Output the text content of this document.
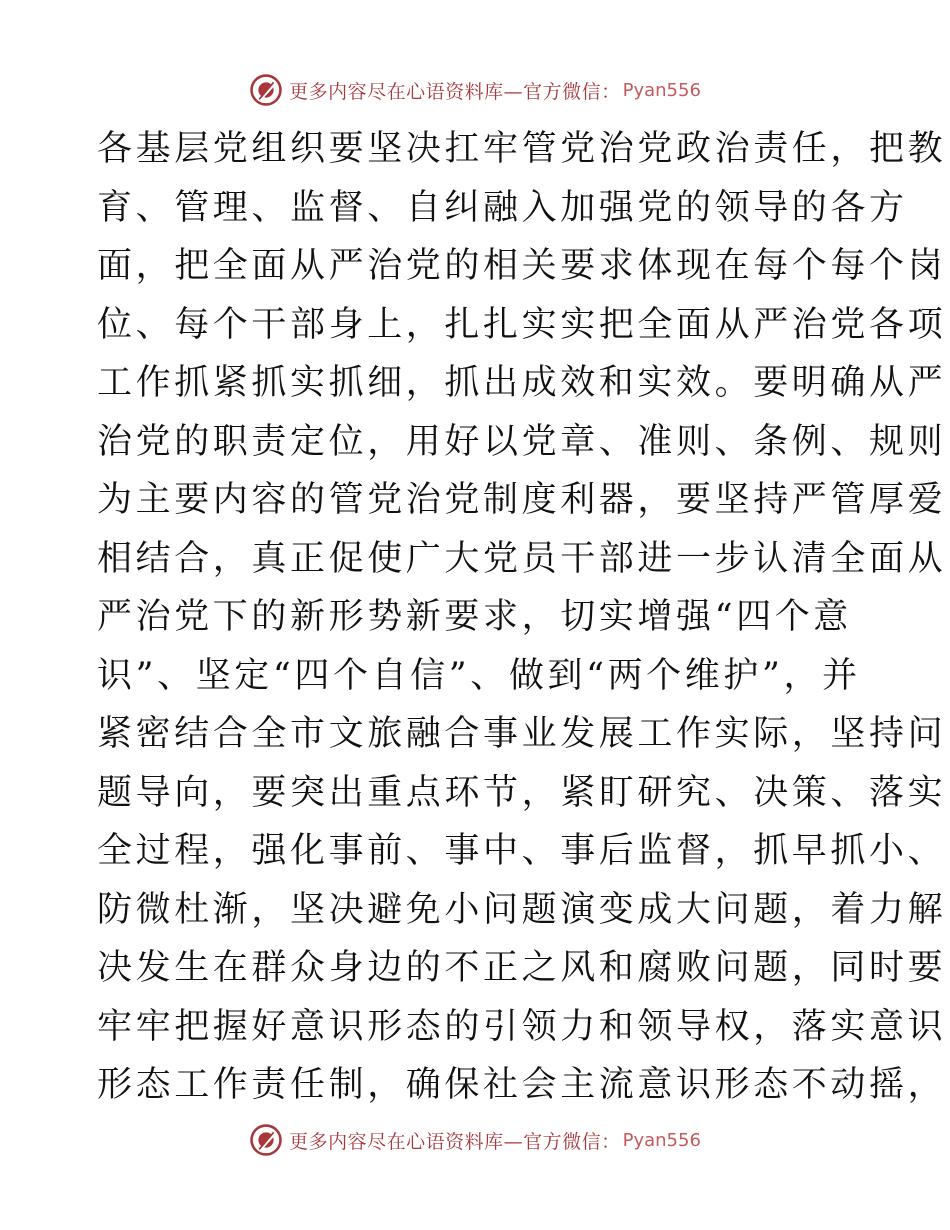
更多内容尽在心语资料库—官方微信： Pyan556
各基层党组织要坚决扛牢管党治党政治责任，把教
育、管理、监督、自纠融入加强党的领导的各方
面，把全面从严治党的相关要求体现在每个每个岗
位、每个干部身上，扎扎实实把全面从严治党各项
工作抓紧抓实抓细，抓出成效和实效。要明确从严
治党的职责定位，用好以党章、准则、条例、规则
为主要内容的管党治党制度利器，要坚持严管厚爱
相结合，真正促使广大党员干部进一步认清全面从
严治党下的新形势新要求，切实增强“四个意
识”、坚定“四个自信”、做到“两个维护”，并
紧密结合全市文旅融合事业发展工作实际，坚持问
题导向，要突出重点环节，紧盯研究、决策、落实
全过程，强化事前、事中、事后监督，抓早抓小、
防微杜渐，坚决避免小问题演变成大问题，着力解
决发生在群众身边的不正之风和腐败问题，同时要
牢牢把握好意识形态的引领力和领导权，落实意识
形态工作责任制，确保社会主流意识形态不动摇，
更多内容尽在心语资料库—官方微信： Pyan556
